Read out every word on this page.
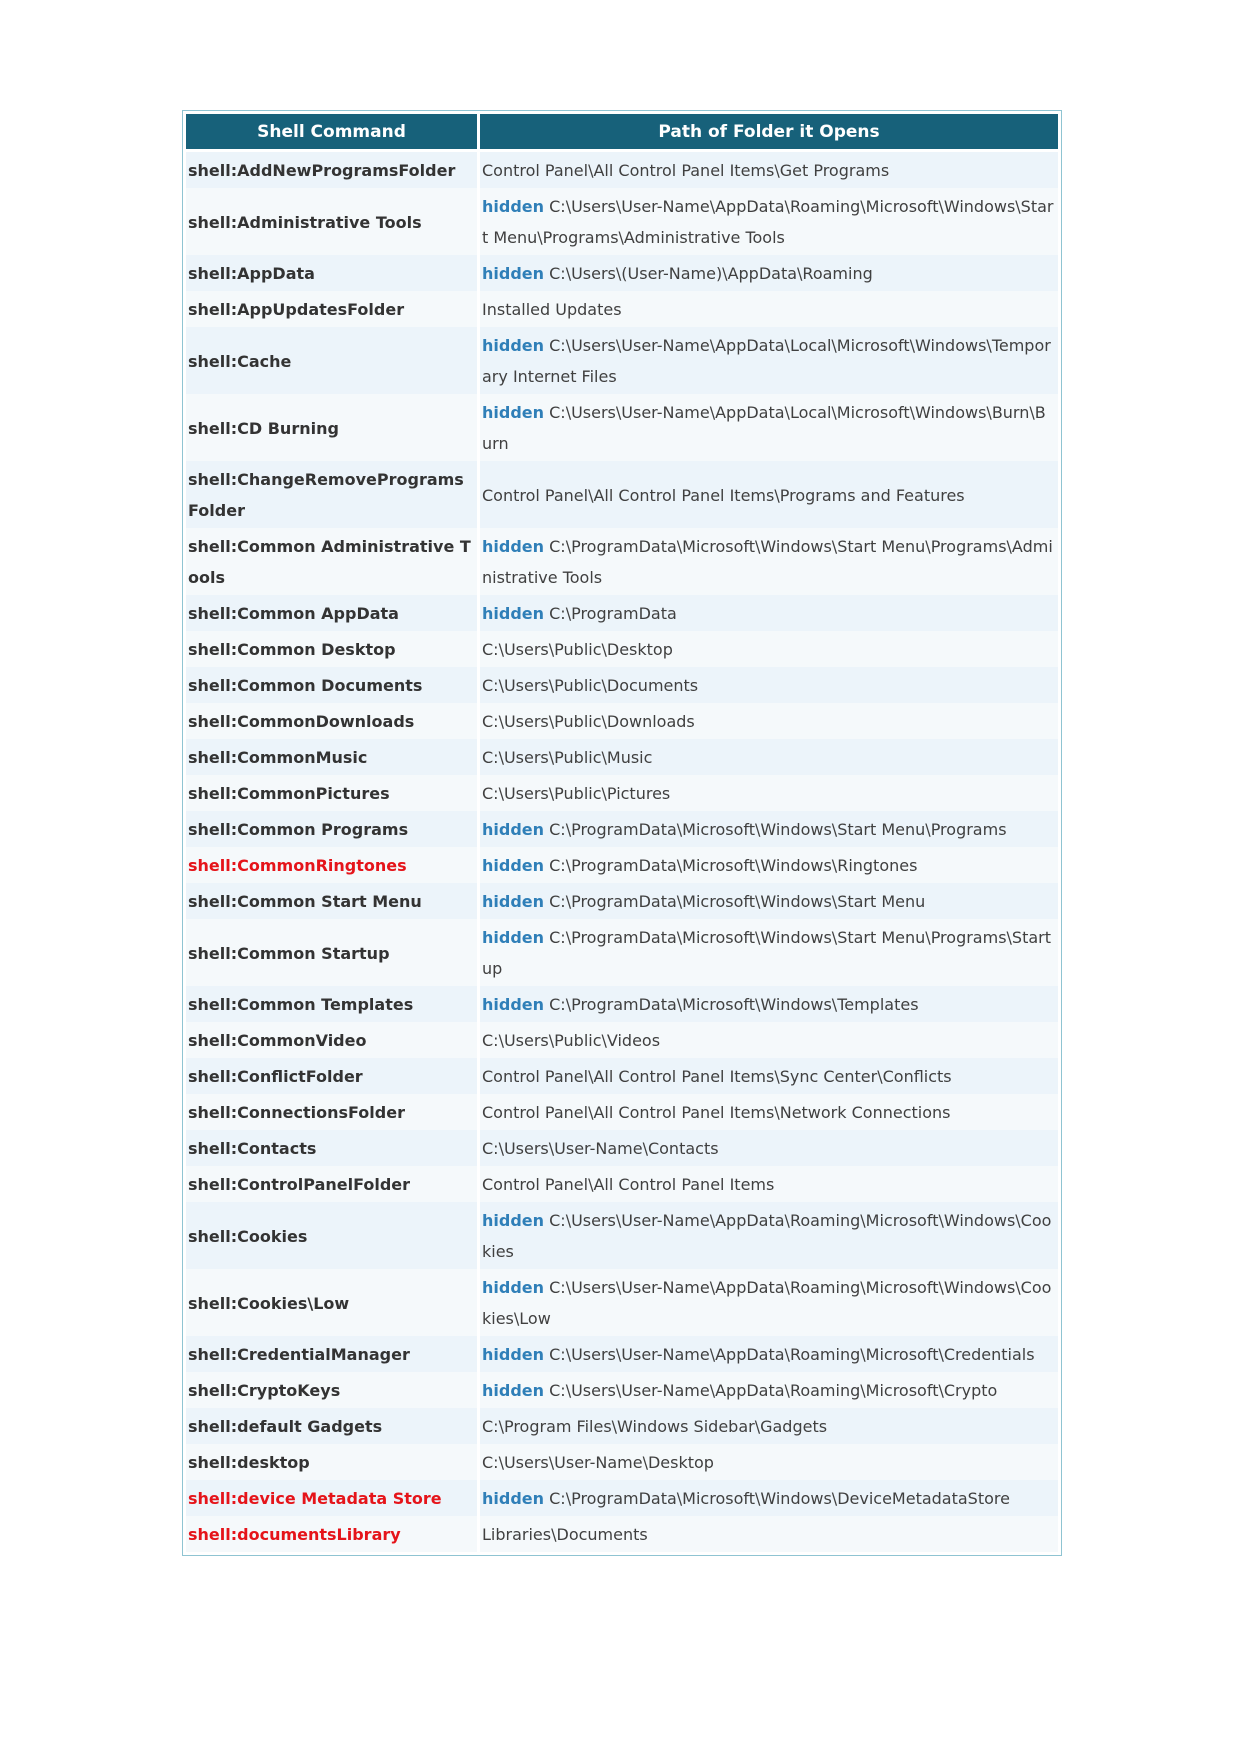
Shell Command	Path of Folder it Opens
shell:AddNewProgramsFolder	Control Panel\All Control Panel Items\Get Programs
shell:Administrative Tools	hidden C:\Users\User-Name\AppData\Roaming\Microsoft\Windows\Start Menu\Programs\Administrative Tools
shell:AppData	hidden C:\Users\(User-Name)\AppData\Roaming
shell:AppUpdatesFolder	Installed Updates
shell:Cache	hidden C:\Users\User-Name\AppData\Local\Microsoft\Windows\Temporary Internet Files
shell:CD Burning	hidden C:\Users\User-Name\AppData\Local\Microsoft\Windows\Burn\Burn
shell:ChangeRemoveProgramsFolder	Control Panel\All Control Panel Items\Programs and Features
shell:Common Administrative Tools	hidden C:\ProgramData\Microsoft\Windows\Start Menu\Programs\Administrative Tools
shell:Common AppData	hidden C:\ProgramData
shell:Common Desktop	C:\Users\Public\Desktop
shell:Common Documents	C:\Users\Public\Documents
shell:CommonDownloads	C:\Users\Public\Downloads
shell:CommonMusic	C:\Users\Public\Music
shell:CommonPictures	C:\Users\Public\Pictures
shell:Common Programs	hidden C:\ProgramData\Microsoft\Windows\Start Menu\Programs
shell:CommonRingtones	hidden C:\ProgramData\Microsoft\Windows\Ringtones
shell:Common Start Menu	hidden C:\ProgramData\Microsoft\Windows\Start Menu
shell:Common Startup	hidden C:\ProgramData\Microsoft\Windows\Start Menu\Programs\Startup
shell:Common Templates	hidden C:\ProgramData\Microsoft\Windows\Templates
shell:CommonVideo	C:\Users\Public\Videos
shell:ConflictFolder	Control Panel\All Control Panel Items\Sync Center\Conflicts
shell:ConnectionsFolder	Control Panel\All Control Panel Items\Network Connections
shell:Contacts	C:\Users\User-Name\Contacts
shell:ControlPanelFolder	Control Panel\All Control Panel Items
shell:Cookies	hidden C:\Users\User-Name\AppData\Roaming\Microsoft\Windows\Cookies
shell:Cookies\Low	hidden C:\Users\User-Name\AppData\Roaming\Microsoft\Windows\Cookies\Low
shell:CredentialManager	hidden C:\Users\User-Name\AppData\Roaming\Microsoft\Credentials
shell:CryptoKeys	hidden C:\Users\User-Name\AppData\Roaming\Microsoft\Crypto
shell:default Gadgets	C:\Program Files\Windows Sidebar\Gadgets
shell:desktop	C:\Users\User-Name\Desktop
shell:device Metadata Store	hidden C:\ProgramData\Microsoft\Windows\DeviceMetadataStore
shell:documentsLibrary	Libraries\Documents
